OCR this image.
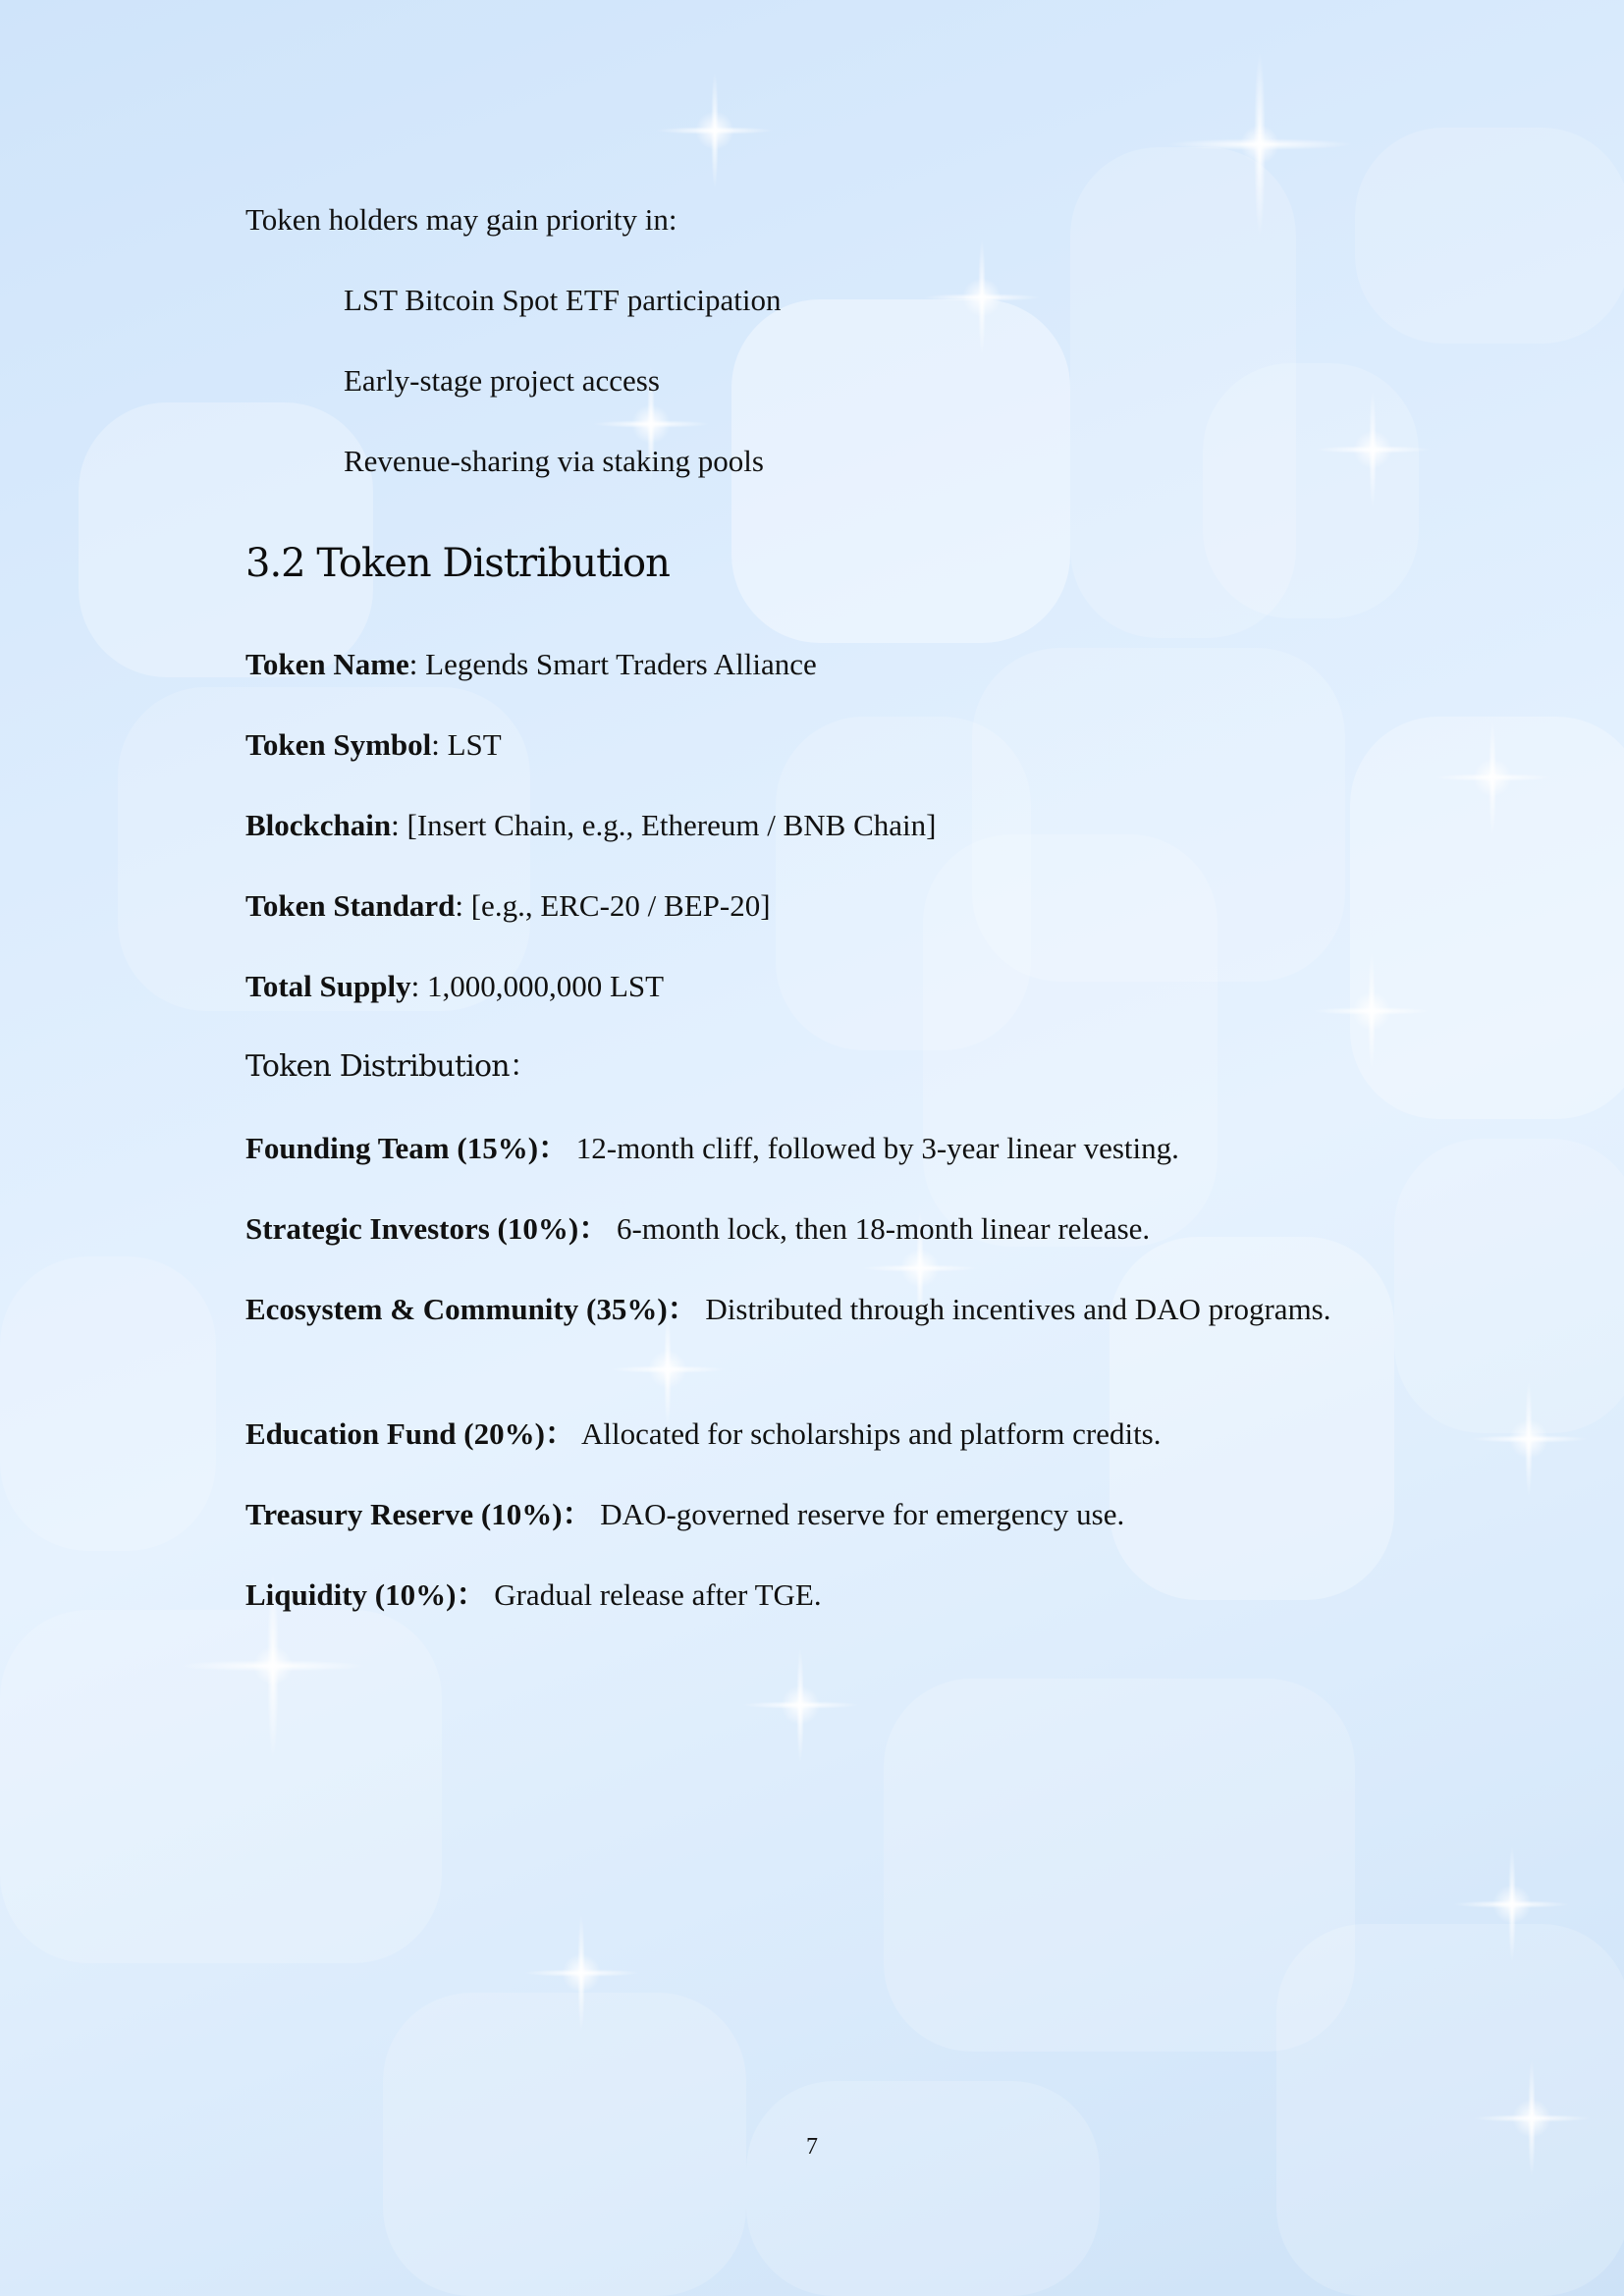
Token holders may gain priority in:
LST Bitcoin Spot ETF participation
Early-stage project access
Revenue-sharing via staking pools
3.2 Token Distribution
Token Name: Legends Smart Traders Alliance
Token Symbol: LST
Blockchain: [Insert Chain, e.g., Ethereum / BNB Chain]
Token Standard: [e.g., ERC-20 / BEP-20]
Total Supply: 1,000,000,000 LST
Token Distribution：
Founding Team (15%)： 12-month cliff, followed by 3-year linear vesting.
Strategic Investors (10%)： 6-month lock, then 18-month linear release.
Ecosystem & Community (35%)： Distributed through incentives and DAO programs.
Education Fund (20%)： Allocated for scholarships and platform credits.
Treasury Reserve (10%)： DAO-governed reserve for emergency use.
Liquidity (10%)： Gradual release after TGE.
7
